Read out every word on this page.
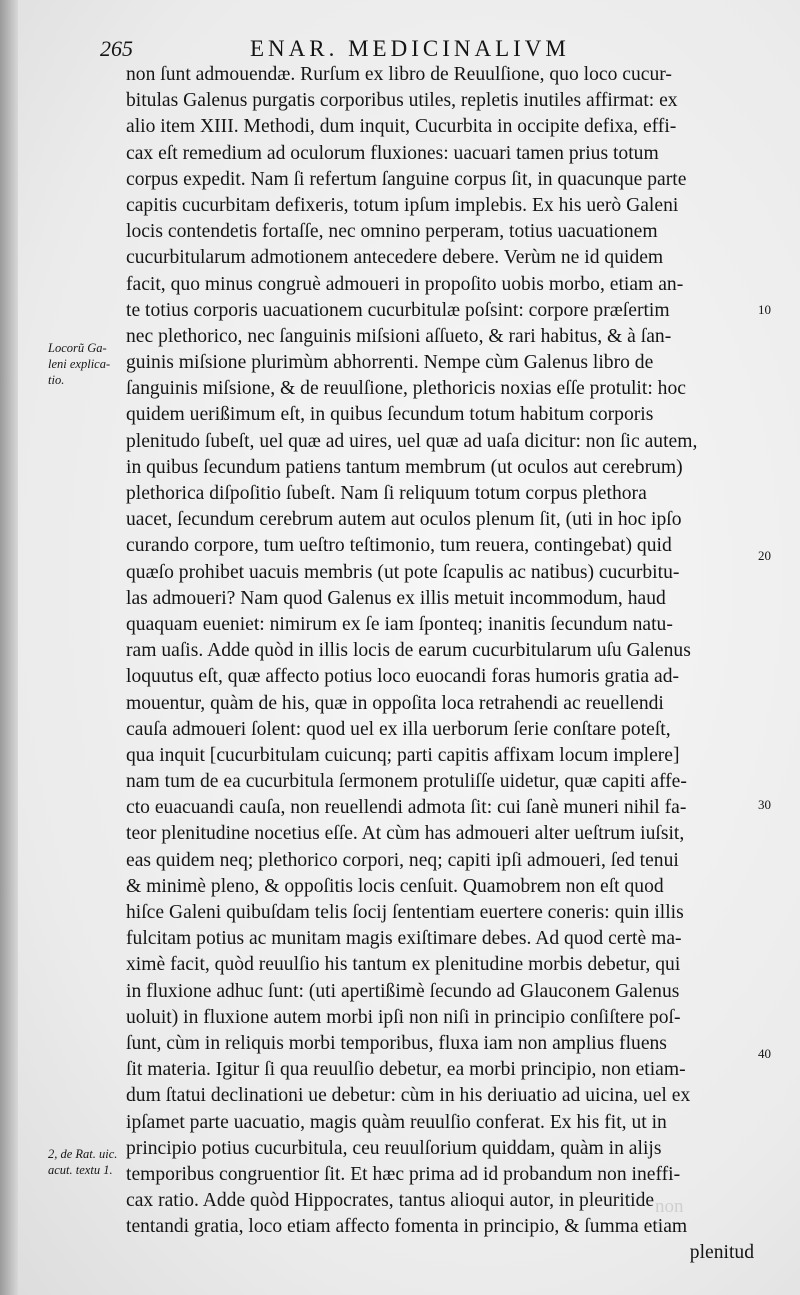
265	ENAR. MEDICINALIVM
non ſunt admouendæ. Rurſum ex libro de Reuulſione, quo loco cucur-
bitulas Galenus purgatis corporibus utiles, repletis inutiles affirmat: ex
alio item XIII. Methodi, dum inquit, Cucurbita in occipite defixa, effi-
cax eſt remedium ad oculorum fluxiones: uacuari tamen prius totum
corpus expedit. Nam ſi refertum ſanguine corpus ſit, in quacunque parte
capitis cucurbitam defixeris, totum ipſum implebis. Ex his uerò Galeni
locis contendetis fortaſſe, nec omnino perperam, totius uacuationem
cucurbitularum admotionem antecedere debere. Verùm ne id quidem
facit, quo minus congruè admoueri in propoſito uobis morbo, etiam an-
te totius corporis uacuationem cucurbitulæ poſsint: corpore præſertim
nec plethorico, nec ſanguinis miſsioni aſſueto, & rari habitus, & à ſan-
guinis miſsione plurimùm abhorrenti. Nempe cùm Galenus libro de
ſanguinis miſsione, & de reuulſione, plethoricis noxias eſſe protulit: hoc
quidem uerißimum eſt, in quibus ſecundum totum habitum corporis
plenitudo ſubeſt, uel quæ ad uires, uel quæ ad uaſa dicitur: non ſic autem,
in quibus ſecundum patiens tantum membrum (ut oculos aut cerebrum)
plethorica diſpoſitio ſubeſt. Nam ſi reliquum totum corpus plethora
uacet, ſecundum cerebrum autem aut oculos plenum ſit, (uti in hoc ipſo
curando corpore, tum ueſtro teſtimonio, tum reuera, contingebat) quid
quæſo prohibet uacuis membris (ut pote ſcapulis ac natibus) cucurbitu-
las admoueri? Nam quod Galenus ex illis metuit incommodum, haud
quaquam eueniet: nimirum ex ſe iam ſponteq; inanitis ſecundum natu-
ram uaſis. Adde quòd in illis locis de earum cucurbitularum uſu Galenus
loquutus eſt, quæ affecto potius loco euocandi foras humoris gratia ad-
mouentur, quàm de his, quæ in oppoſita loca retrahendi ac reuellendi
cauſa admoueri ſolent: quod uel ex illa uerborum ſerie conſtare poteſt,
qua inquit [cucurbitulam cuicunq; parti capitis affixam locum implere]
nam tum de ea cucurbitula ſermonem protuliſſe uidetur, quæ capiti affe-
cto euacuandi cauſa, non reuellendi admota ſit: cui ſanè muneri nihil fa-
teor plenitudine nocetius eſſe. At cùm has admoueri alter ueſtrum iuſsit,
eas quidem neq; plethorico corpori, neq; capiti ipſi admoueri, ſed tenui
& minimè pleno, & oppoſitis locis cenſuit. Quamobrem non eſt quod
hiſce Galeni quibuſdam telis ſocij ſententiam euertere coneris: quin illis
fulcitam potius ac munitam magis exiſtimare debes. Ad quod certè ma-
ximè facit, quòd reuulſio his tantum ex plenitudine morbis debetur, qui
in fluxione adhuc ſunt: (uti apertißimè ſecundo ad Glauconem Galenus
uoluit) in fluxione autem morbi ipſi non niſi in principio conſiſtere poſ-
ſunt, cùm in reliquis morbi temporibus, fluxa iam non amplius fluens
ſit materia. Igitur ſi qua reuulſio debetur, ea morbi principio, non etiam-
dum ſtatui declinationi ue debetur: cùm in his deriuatio ad uicina, uel ex
ipſamet parte uacuatio, magis quàm reuulſio conferat. Ex his fit, ut in
principio potius cucurbitula, ceu reuulſorium quiddam, quàm in alijs
temporibus congruentior ſit. Et hæc prima ad id probandum non ineffi-
cax ratio. Adde quòd Hippocrates, tantus alioqui autor, in pleuritide
tentandi gratia, loco etiam affecto fomenta in principio, & ſumma etiam
plenitud
Locorũ Ga-
leni explica-
tio.
2, de Rat. uic.
acut. textu 1.
10
20
30
40
non
